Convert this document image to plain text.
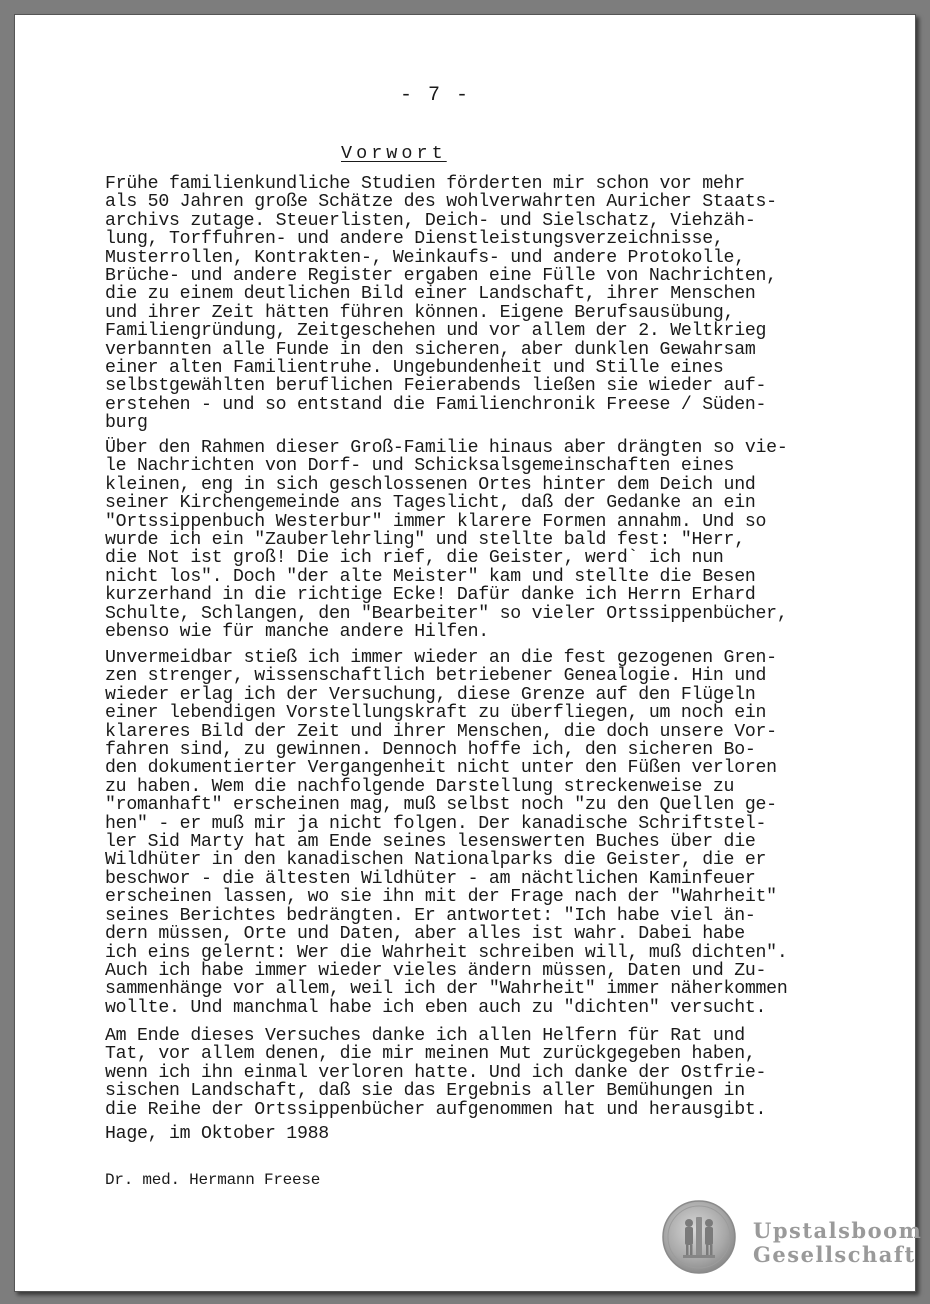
- 7 -
Vorwort
Frühe familienkundliche Studien förderten mir schon vor mehr
als 50 Jahren große Schätze des wohlverwahrten Auricher Staats-
archivs zutage. Steuerlisten, Deich- und Sielschatz, Viehzäh-
lung, Torffuhren- und andere Dienstleistungsverzeichnisse,
Musterrollen, Kontrakten-, Weinkaufs- und andere Protokolle,
Brüche- und andere Register ergaben eine Fülle von Nachrichten,
die zu einem deutlichen Bild einer Landschaft, ihrer Menschen
und ihrer Zeit hätten führen können. Eigene Berufsausübung,
Familiengründung, Zeitgeschehen und vor allem der 2. Weltkrieg
verbannten alle Funde in den sicheren, aber dunklen Gewahrsam
einer alten Familientruhe. Ungebundenheit und Stille eines
selbstgewählten beruflichen Feierabends ließen sie wieder auf-
erstehen - und so entstand die Familienchronik Freese / Süden-
burg
Über den Rahmen dieser Groß-Familie hinaus aber drängten so vie-
le Nachrichten von Dorf- und Schicksalsgemeinschaften eines
kleinen, eng in sich geschlossenen Ortes hinter dem Deich und
seiner Kirchengemeinde ans Tageslicht, daß der Gedanke an ein
"Ortssippenbuch Westerbur" immer klarere Formen annahm. Und so
wurde ich ein "Zauberlehrling" und stellte bald fest: "Herr,
die Not ist groß! Die ich rief, die Geister, werd` ich nun
nicht los". Doch "der alte Meister" kam und stellte die Besen
kurzerhand in die richtige Ecke! Dafür danke ich Herrn Erhard
Schulte, Schlangen, den "Bearbeiter" so vieler Ortssippenbücher,
ebenso wie für manche andere Hilfen.
Unvermeidbar stieß ich immer wieder an die fest gezogenen Gren-
zen strenger, wissenschaftlich betriebener Genealogie. Hin und
wieder erlag ich der Versuchung, diese Grenze auf den Flügeln
einer lebendigen Vorstellungskraft zu überfliegen, um noch ein
klareres Bild der Zeit und ihrer Menschen, die doch unsere Vor-
fahren sind, zu gewinnen. Dennoch hoffe ich, den sicheren Bo-
den dokumentierter Vergangenheit nicht unter den Füßen verloren
zu haben. Wem die nachfolgende Darstellung streckenweise zu
"romanhaft" erscheinen mag, muß selbst noch "zu den Quellen ge-
hen" - er muß mir ja nicht folgen. Der kanadische Schriftstel-
ler Sid Marty hat am Ende seines lesenswerten Buches über die
Wildhüter in den kanadischen Nationalparks die Geister, die er
beschwor - die ältesten Wildhüter - am nächtlichen Kaminfeuer
erscheinen lassen, wo sie ihn mit der Frage nach der "Wahrheit"
seines Berichtes bedrängten. Er antwortet: "Ich habe viel än-
dern müssen, Orte und Daten, aber alles ist wahr. Dabei habe
ich eins gelernt: Wer die Wahrheit schreiben will, muß dichten".
Auch ich habe immer wieder vieles ändern müssen, Daten und Zu-
sammenhänge vor allem, weil ich der "Wahrheit" immer näherkommen
wollte. Und manchmal habe ich eben auch zu "dichten" versucht.
Am Ende dieses Versuches danke ich allen Helfern für Rat und
Tat, vor allem denen, die mir meinen Mut zurückgegeben haben,
wenn ich ihn einmal verloren hatte. Und ich danke der Ostfrie-
sischen Landschaft, daß sie das Ergebnis aller Bemühungen in
die Reihe der Ortssippenbücher aufgenommen hat und herausgibt.
Hage, im Oktober 1988
Dr. med. Hermann Freese
Upstalsboom
Gesellschaft
